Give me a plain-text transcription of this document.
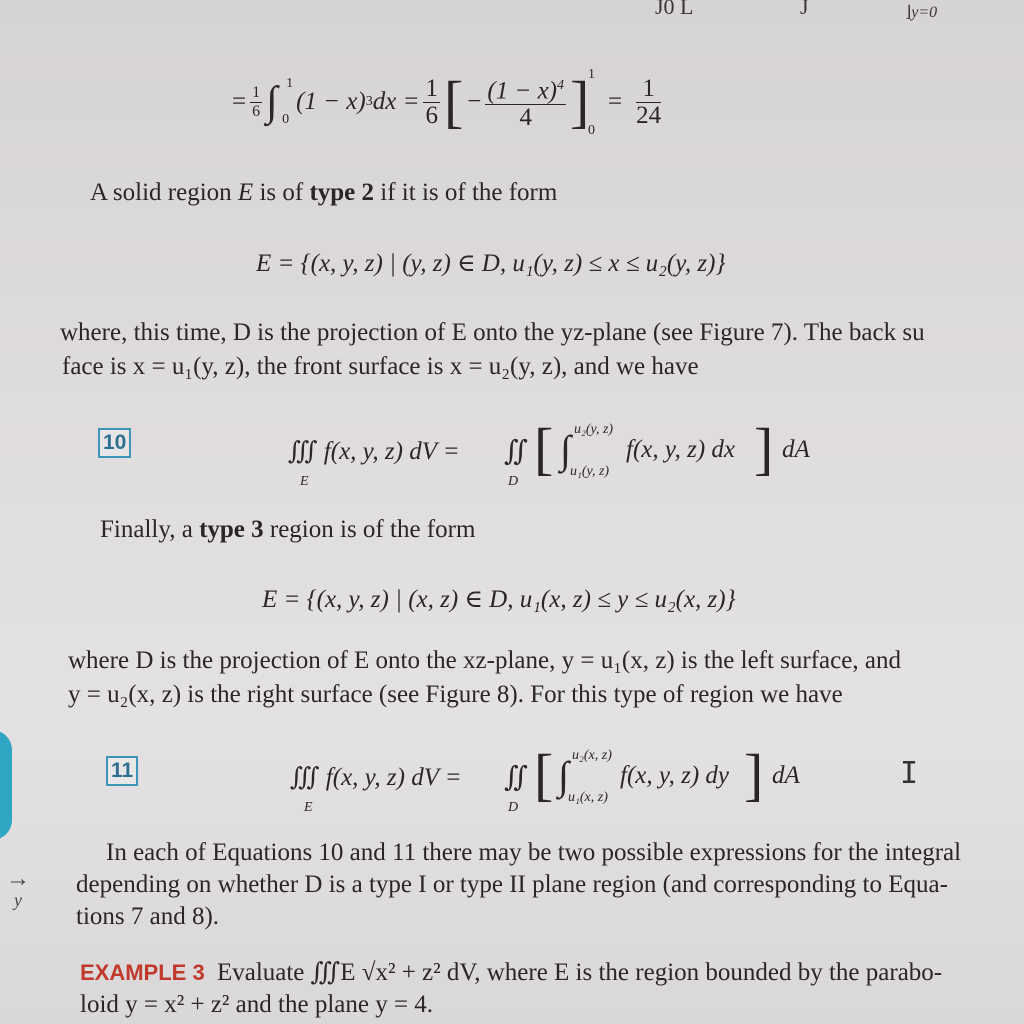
J0 L	J	⌋y=0
= $\frac{1}{6}$ ∫ 1
0
(1 − x) 3 dx = $\frac{1}{6}$ [ − $\frac{(1 - x)^4}{4}$ ]
1
0
= $\frac{1}{24}$
A solid region E is of type 2 if it is of the form
E = {(x, y, z) | (y, z) ∈ D, u₁(y, z) ≤ x ≤ u₂(y, z)}
where, this time, D is the projection of E onto the yz-plane (see Figure 7). The back su
face is x = u₁(y, z), the front surface is x = u₂(y, z), and we have
10	∭ f(x, y, z) dV =
E
∬
D
[ ∫ u₂(y, z)
u₁(y, z)
f(x, y, z) dx ] dA
Finally, a type 3 region is of the form
E = {(x, y, z) | (x, z) ∈ D, u₁(x, z) ≤ y ≤ u₂(x, z)}
where D is the projection of E onto the xz-plane, y = u₁(x, z) is the left surface, and
y = u₂(x, z) is the right surface (see Figure 8). For this type of region we have
11	∭ f(x, y, z) dV =
E
∬
D
[ ∫ u₂(x, z)
u₁(x, z)
f(x, y, z) dy ] dA	I
In each of Equations 10 and 11 there may be two possible expressions for the integral
depending on whether D is a type I or type II plane region (and corresponding to Equa-
tions 7 and 8).
→
y
EXAMPLE 3 Evaluate ∭E √x² + z² dV, where E is the region bounded by the parabo-
loid y = x² + z² and the plane y = 4.
